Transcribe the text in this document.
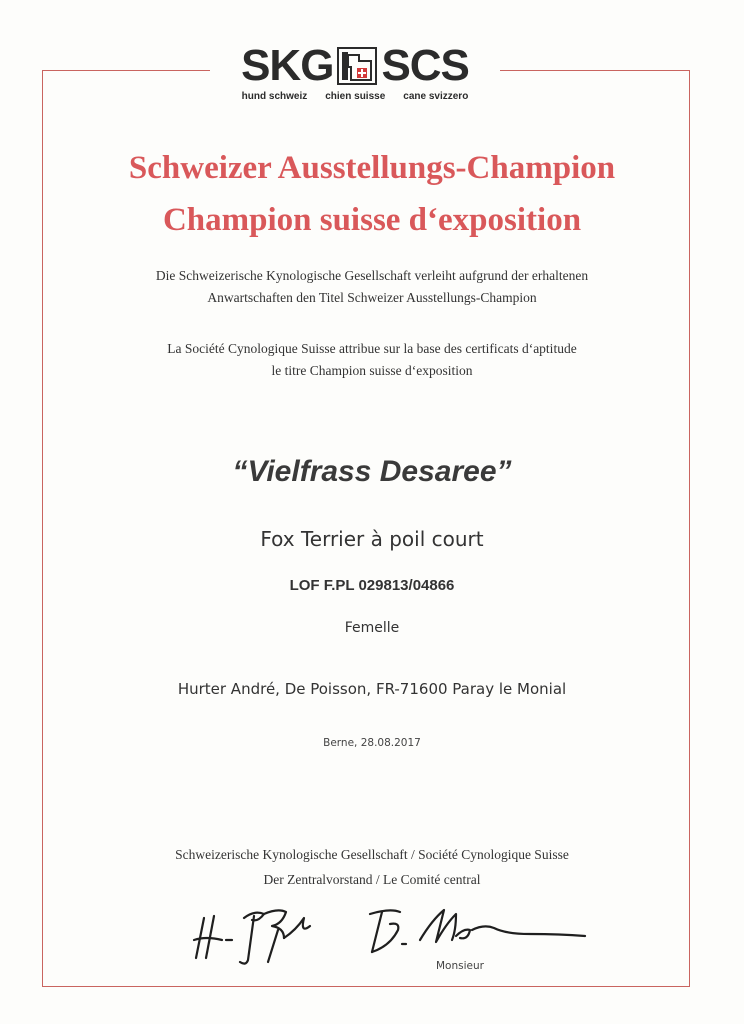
SKG SCS
hund schweiz chien suisse cane svizzero
Schweizer Ausstellungs-Champion
Champion suisse d‘exposition
Die Schweizerische Kynologische Gesellschaft verleiht aufgrund der erhaltenen
Anwartschaften den Titel Schweizer Ausstellungs-Champion
La Société Cynologique Suisse attribue sur la base des certificats d‘aptitude
le titre Champion suisse d‘exposition
“Vielfrass Desaree”
Fox Terrier à poil court
LOF F.PL 029813/04866
Femelle
Hurter André, De Poisson, FR-71600 Paray le Monial
Berne, 28.08.2017
Schweizerische Kynologische Gesellschaft / Société Cynologique Suisse
Der Zentralvorstand / Le Comité central
Monsieur
